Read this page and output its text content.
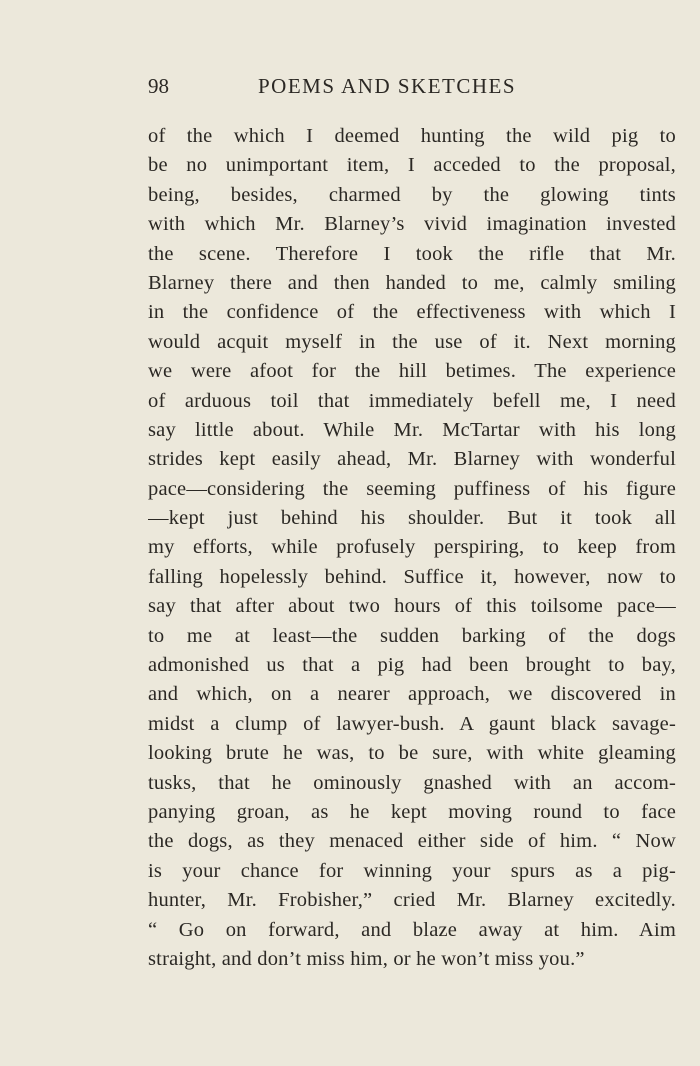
98	POEMS AND SKETCHES
of the which I deemed hunting the wild pig to
be no unimportant item, I acceded to the proposal,
being, besides, charmed by the glowing tints
with which Mr. Blarney’s vivid imagination invested
the scene. Therefore I took the rifle that Mr.
Blarney there and then handed to me, calmly smiling
in the confidence of the effectiveness with which I
would acquit myself in the use of it. Next morning
we were afoot for the hill betimes. The experience
of arduous toil that immediately befell me, I need
say little about. While Mr. McTartar with his long
strides kept easily ahead, Mr. Blarney with wonderful
pace—considering the seeming puffiness of his figure
—kept just behind his shoulder. But it took all
my efforts, while profusely perspiring, to keep from
falling hopelessly behind. Suffice it, however, now to
say that after about two hours of this toilsome pace—
to me at least—the sudden barking of the dogs
admonished us that a pig had been brought to bay,
and which, on a nearer approach, we discovered in
midst a clump of lawyer-bush. A gaunt black savage-
looking brute he was, to be sure, with white gleaming
tusks, that he ominously gnashed with an accom-
panying groan, as he kept moving round to face
the dogs, as they menaced either side of him. “ Now
is your chance for winning your spurs as a pig-
hunter, Mr. Frobisher,” cried Mr. Blarney excitedly.
“ Go on forward, and blaze away at him. Aim
straight, and don’t miss him, or he won’t miss you.”
